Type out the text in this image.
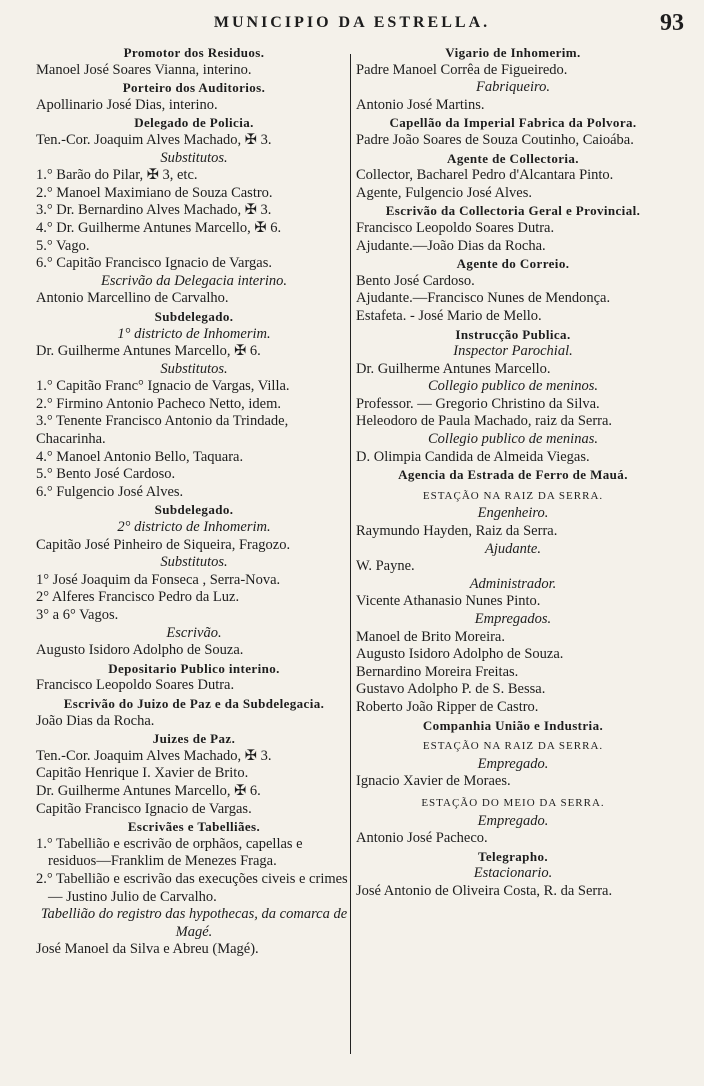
MUNICIPIO DA ESTRELLA.	93
Promotor dos Residuos.
Manoel José Soares Vianna, interino.
Porteiro dos Auditorios.
Apollinario José Dias, interino.
Delegado de Policia.
Ten.-Cor. Joaquim Alves Machado, ✠ 3.
Substitutos.
1.° Barão do Pilar, ✠ 3, etc.
2.° Manoel Maximiano de Souza Castro.
3.° Dr. Bernardino Alves Machado, ✠ 3.
4.° Dr. Guilherme Antunes Marcello, ✠ 6.
5.° Vago.
6.° Capitão Francisco Ignacio de Vargas.
Escrivão da Delegacia interino.
Antonio Marcellino de Carvalho.
Subdelegado.
1° districto de Inhomerim.
Dr. Guilherme Antunes Marcello, ✠ 6.
Substitutos.
1.° Capitão Franc° Ignacio de Vargas, Villa.
2.° Firmino Antonio Pacheco Netto, idem.
3.° Tenente Francisco Antonio da Trindade, Chacarinha.
4.° Manoel Antonio Bello, Taquara.
5.° Bento José Cardoso.
6.° Fulgencio José Alves.
Subdelegado.
2° districto de Inhomerim.
Capitão José Pinheiro de Siqueira, Fragozo.
Substitutos.
1° José Joaquim da Fonseca , Serra-Nova.
2° Alferes Francisco Pedro da Luz.
3° a 6° Vagos.
Escrivão.
Augusto Isidoro Adolpho de Souza.
Depositario Publico interino.
Francisco Leopoldo Soares Dutra.
Escrivão do Juizo de Paz e da Subdelegacia.
João Dias da Rocha.
Juizes de Paz.
Ten.-Cor. Joaquim Alves Machado, ✠ 3.
Capitão Henrique I. Xavier de Brito.
Dr. Guilherme Antunes Marcello, ✠ 6.
Capitão Francisco Ignacio de Vargas.
Escrivães e Tabelliães.
1.° Tabellião e escrivão de orphãos, capellas e residuos—Franklim de Menezes Fraga.
2.° Tabellião e escrivão das execuções civeis e crimes — Justino Julio de Carvalho.
Tabellião do registro das hypothecas, da comarca de Magé.
José Manoel da Silva e Abreu (Magé).
Vigario de Inhomerim.
Padre Manoel Corrêa de Figueiredo.
Fabriqueiro.
Antonio José Martins.
Capellão da Imperial Fabrica da Polvora.
Padre João Soares de Souza Coutinho, Caioába.
Agente de Collectoria.
Collector, Bacharel Pedro d'Alcantara Pinto.
Agente, Fulgencio José Alves.
Escrivão da Collectoria Geral e Provincial.
Francisco Leopoldo Soares Dutra.
Ajudante.—João Dias da Rocha.
Agente do Correio.
Bento José Cardoso.
Ajudante.—Francisco Nunes de Mendonça.
Estafeta. - José Mario de Mello.
Instrucção Publica.
Inspector Parochial.
Dr. Guilherme Antunes Marcello.
Collegio publico de meninos.
Professor. — Gregorio Christino da Silva.
Heleodoro de Paula Machado, raiz da Serra.
Collegio publico de meninas.
D. Olimpia Candida de Almeida Viegas.
Agencia da Estrada de Ferro de Mauá.
ESTAÇÃO NA RAIZ DA SERRA.
Engenheiro.
Raymundo Hayden, Raiz da Serra.
Ajudante.
W. Payne.
Administrador.
Vicente Athanasio Nunes Pinto.
Empregados.
Manoel de Brito Moreira.
Augusto Isidoro Adolpho de Souza.
Bernardino Moreira Freitas.
Gustavo Adolpho P. de S. Bessa.
Roberto João Ripper de Castro.
Companhia União e Industria.
ESTAÇÃO NA RAIZ DA SERRA.
Empregado.
Ignacio Xavier de Moraes.
ESTAÇÃO DO MEIO DA SERRA.
Empregado.
Antonio José Pacheco.
Telegrapho.
Estacionario.
José Antonio de Oliveira Costa, R. da Serra.
